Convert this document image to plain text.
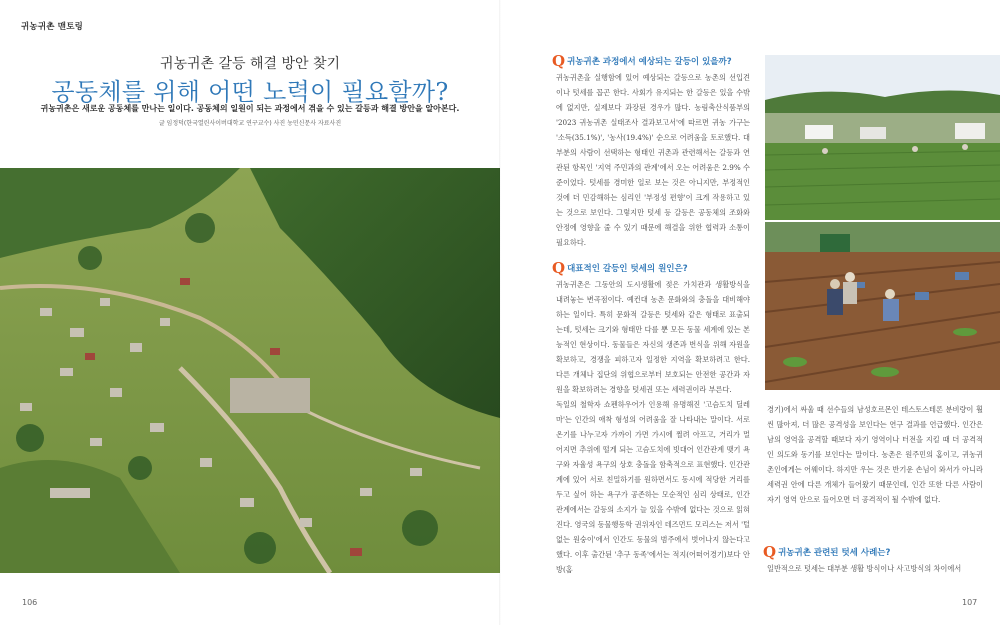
귀농귀촌 맨토링
귀농귀촌 갈등 해결 방안 찾기
공동체를 위해 어떤 노력이 필요할까?
귀농귀촌은 새로운 공동체를 만나는 일이다. 공동체의 일원이 되는 과정에서 겪을 수 있는 갈등과 해결 방안을 알아본다.
글 임정덕(한국열린사이버대학교 연구교수) 사진 농민신문사 자료사진
106
Q귀농귀촌 과정에서 예상되는 갈등이 있을까?
귀농귀촌을 실행함에 있어 예상되는 갈등으로 농촌의 선입견이나 텃세를 꼽곤 한다. 사회가 유지되는 한 갈등은 있을 수밖에 없지만, 실제보다 과장된 경우가 많다. 농림축산식품부의 '2023 귀농귀촌 실태조사 결과보고서'에 따르면 귀농 가구는 '소득(35.1%)', '농사(19.4%)' 순으로 어려움을 토로했다. 대부분의 사람이 선택하는 형태인 귀촌과 관련해서는 갈등과 연관된 항목인 '지역 주민과의 관계'에서 오는 어려움은 2.9% 수준이었다. 텃세를 경미한 일로 보는 것은 아니지만, 부정적인 것에 더 민감해하는 심리인 '부정성 편향'이 크게 작용하고 있는 것으로 보인다. 그렇지만 텃세 등 갈등은 공동체의 조화와 안정에 영향을 줄 수 있기 때문에 해결을 위한 협력과 소통이 필요하다.
Q대표적인 갈등인 텃세의 원인은?
귀농귀촌은 그동안의 도시생활에 젖은 가치관과 생활방식을 내려놓는 변곡점이다. 예컨대 농촌 문화와의 충돌을 대비해야 하는 일이다. 특히 문화적 갈등은 텃세와 같은 형태로 표출되는데, 텃세는 크기와 형태만 다를 뿐 모든 동물 세계에 있는 본능적인 현상이다. 동물들은 자신의 생존과 번식을 위해 자원을 확보하고, 경쟁을 피하고자 일정한 지역을 확보하려고 한다. 다른 개체나 집단의 위협으로부터 보호되는 안전한 공간과 자원을 확보하려는 경향을 텃세권 또는 세력권이라 부른다.
독일의 철학자 쇼펜하우어가 인용해 유명해진 '고슴도치 딜레마'는 인간의 애착 형성의 어려움을 잘 나타내는 말이다. 서로 온기를 나누고자 가까이 가면 가시에 찔려 아프고, 거리가 멀어지면 추위에 떨게 되는 고슴도치에 빗대어 인간관계 맺기 욕구와 자율성 욕구의 상호 충돌을 함축적으로 표현했다. 인간관계에 있어 서로 친밀하기를 원하면서도 동시에 적당한 거리를 두고 싶어 하는 욕구가 공존하는 모순적인 심리 상태로, 인간관계에서는 갈등의 소지가 늘 있을 수밖에 없다는 것으로 읽혀진다. 영국의 동물행동학 권위자인 데즈먼드 모리스는 저서 '털 없는 원숭이'에서 인간도 동물의 범주에서 벗어나지 않는다고 했다. 이후 출간된 '추구 동족'에서는 적지(어떠어경기)보다 안방(홈
경기)에서 싸울 때 선수들의 남성호르몬인 테스토스테론 분비량이 훨씬 많아져, 더 많은 공격성을 보인다는 연구 결과를 언급했다. 인간은 남의 영역을 공격할 때보다 자기 영역이나 터전을 지킬 때 더 공격적인 의도와 동기를 보인다는 말이다. 농촌은 원주민의 홈이고, 귀농귀촌인에게는 어웨이다. 하지만 우는 것은 반기운 손님이 와서가 아니라 세력권 안에 다른 개체가 들어왔기 때문인데, 인간 또한 다른 사람이 자기 영역 안으로 들어오면 더 공격적이 될 수밖에 없다.
Q귀농귀촌 관련된 텃세 사례는?
일반적으로 텃세는 대부분 생활 방식이나 사고방식의 차이에서
107
